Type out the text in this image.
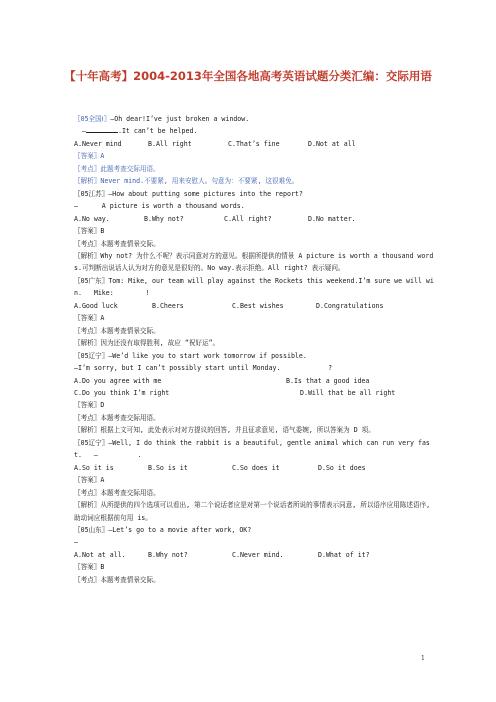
【十年高考】2004-2013年全国各地高考英语试题分类汇编：交际用语

〖05全国Ⅰ〗—Oh dear!I’ve just broken a window.

—	.It can’t be helped.

A.Never mind	B.All right	C.That’s fine	D.Not at all

〖答案〗A

〖考点〗此题考查交际用语。

〖解析〗Never mind.不要紧, 用来安慰人。句意为：不要紧, 这很难免。

〖05江苏〗—How about putting some pictures into the report?

—      A picture is worth a thousand words.

A.No way.	B.Why not?	C.All right?	D.No matter.

〖答案〗B

〖考点〗本题考查情景交际。

〖解析〗Why not? 为什么不呢？表示同意对方的意见。根据所提供的情景 A picture is worth a thousand words.可判断出说话人认为对方的意见是很好的。No way.表示拒绝。All right? 表示疑问。

〖05广东〗Tom: Mike, our team will play against the Rockets this weekend.I’m sure we will win.   Mike:        !

A.Good luck	B.Cheers	C.Best wishes	D.Congratulations

〖答案〗A

〖考点〗本题考查情景交际。

〖解析〗因为还没有取得胜利, 故应 “祝好运”。

〖05辽宁〗—We’d like you to start work tomorrow if possible.

—I’m sorry, but I can’t possibly start until Monday.            ?

A.Do you agree with me	B.Is that a good idea
C.Do you think I’m right	D.Will that be all right

〖答案〗D

〖考点〗本题考查交际用语。

〖解析〗根据上文可知, 此处表示对对方提议的回答, 并且征求意见, 语气委婉, 所以答案为 D 项。

〖05辽宁〗—Well, I do think the rabbit is a beautiful, gentle animal which can run very fast.   —          .

A.So it is	B.So is it	C.So does it	D.So it does

〖答案〗A

〖考点〗本题考查交际用语。

〖解析〗从所提供的四个选项可以看出, 第二个说话者应是对第一个说话者所说的事情表示同意, 所以语序应用陈述语序, 助动词应根据前句用 is。

〖05山东〗—Let’s go to a movie after work, OK?

—

A.Not at all.	B.Why not?	C.Never mind.	D.What of it?

〖答案〗B

〖考点〗本题考查情景交际。

1
